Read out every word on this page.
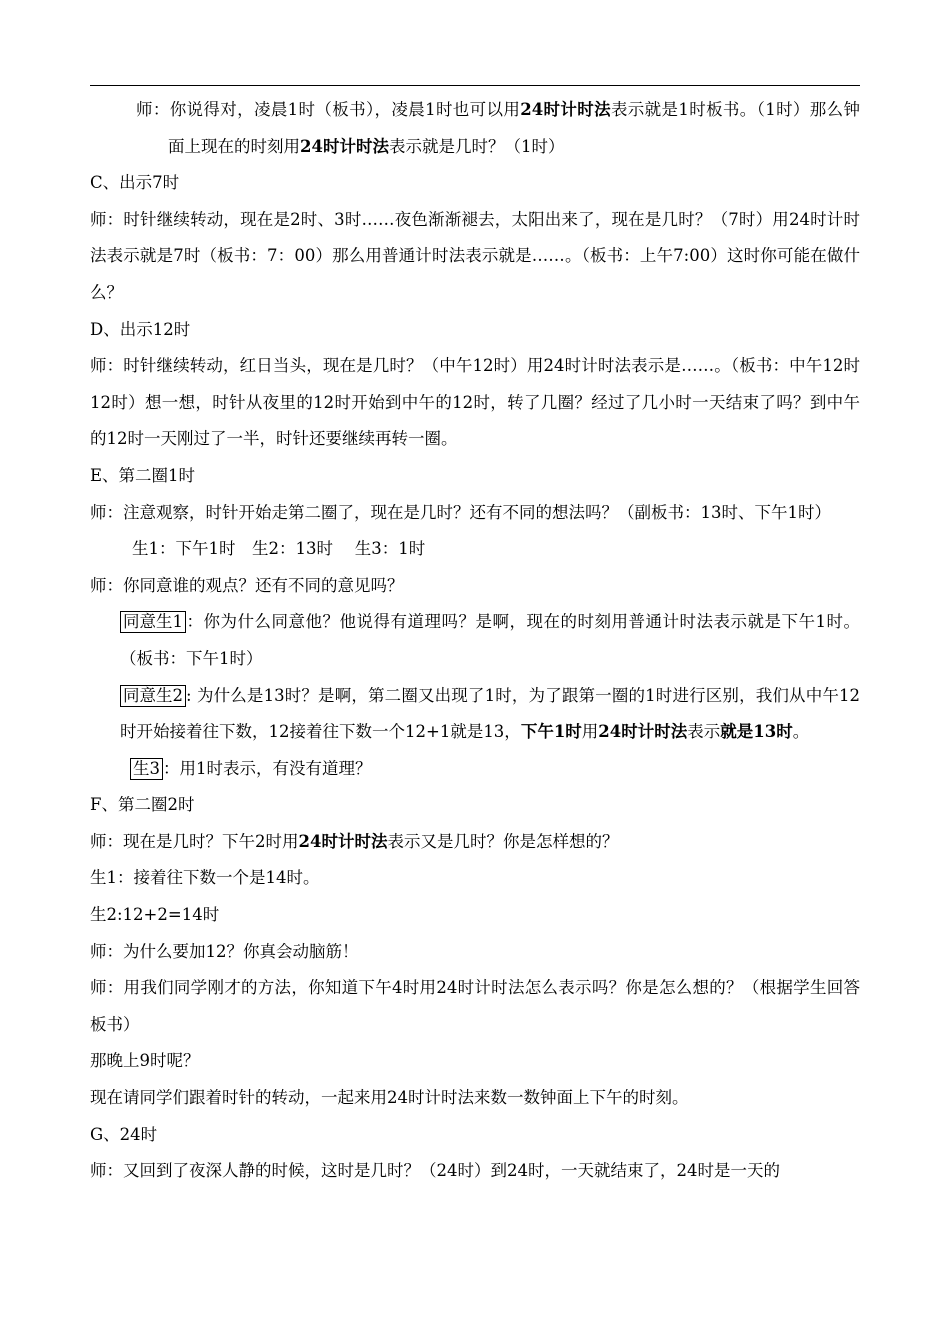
师：你说得对，凌晨1时（板书），凌晨1时也可以用24时计时法表示就是1时板书。（1时）那么钟面上现在的时刻用24时计时法表示就是几时？（1时）

C、出示7时

师：时针继续转动，现在是2时、3时……夜色渐渐褪去，太阳出来了，现在是几时？（7时）用24时计时法表示就是7时（板书：7：00）那么用普通计时法表示就是……。（板书：上午7:00）这时你可能在做什么？

D、出示12时

师：时针继续转动，红日当头，现在是几时？（中午12时）用24时计时法表示是……。（板书：中午12时 12时）想一想，时针从夜里的12时开始到中午的12时，转了几圈？经过了几小时一天结束了吗？到中午的12时一天刚过了一半，时针还要继续再转一圈。

E、第二圈1时

师：注意观察，时针开始走第二圈了，现在是几时？还有不同的想法吗？（副板书：13时、下午1时）

生1：下午1时　生2：13时　 生3：1时

师：你同意谁的观点？还有不同的意见吗？

同意生1 ：你为什么同意他？他说得有道理吗？是啊，现在的时刻用普通计时法表示就是下午1时。（板书：下午1时）

同意生2 : 为什么是13时？是啊，第二圈又出现了1时，为了跟第一圈的1时进行区别，我们从中午12时开始接着往下数，12接着往下数一个12+1就是13，下午1时用24时计时法表示就是13时。

生3 ：用1时表示，有没有道理？

F、第二圈2时

师：现在是几时？下午2时用24时计时法表示又是几时？你是怎样想的？

生1：接着往下数一个是14时。

生2:12+2=14时

师：为什么要加12？你真会动脑筋！

师：用我们同学刚才的方法，你知道下午4时用24时计时法怎么表示吗？你是怎么想的？（根据学生回答板书）

那晚上9时呢？

现在请同学们跟着时针的转动，一起来用24时计时法来数一数钟面上下午的时刻。

G、24时

师：又回到了夜深人静的时候，这时是几时？（24时）到24时，一天就结束了，24时是一天的
